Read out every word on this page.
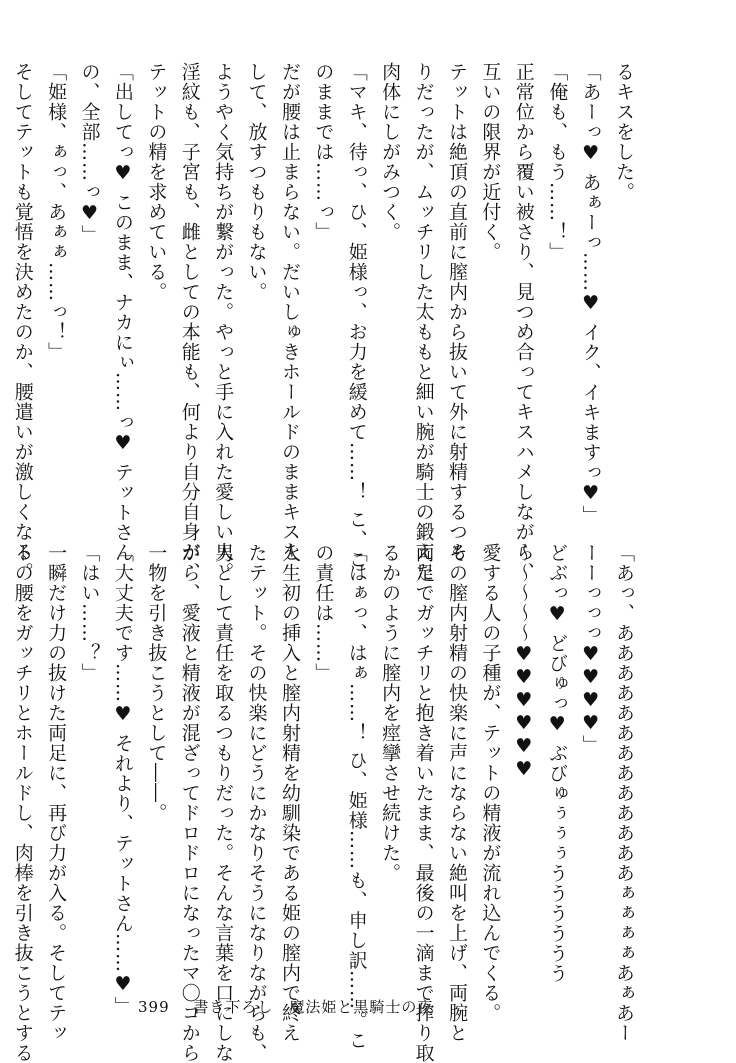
るキスをした。
「あーっ♥ あぁーっ……♥ イク、イキますっ♥」
「俺も、もう……！」
正常位から覆い被さり、見つめ合ってキスハメしながら、
互いの限界が近付く。
テットは絶頂の直前に膣内から抜いて外に射精するつも
りだったが、ムッチリした太ももと細い腕が騎士の鍛えた
肉体にしがみつく。
「マキ、待っ、ひ、姫様っ、お力を緩めて……！ こ、こ
のままでは……っ」
だが腰は止まらない。だいしゅきホールドのままキスを
して、放すつもりもない。
ようやく気持ちが繋がった。やっと手に入れた愛しい人。
淫紋も、子宮も、雌としての本能も、何より自分自身が、
テットの精を求めている。
「出してっ♥ このまま、ナカにぃ……っ♥ テットさん
の、全部……っ♥」
「姫様、ぁっ、あぁぁ……っ！」
そしてテットも覚悟を決めたのか、腰遣いが激しくなる。
「あっ、あああああああああああああぁぁぁぁあぁあー
ーーっっっ♥♥♥♥」
どぶっ♥ どびゅっ♥ ぶびゅぅぅぅうううううう
～～～～～♥♥♥♥♥♥
愛する人の子種が、テットの精液が流れ込んでくる。
その膣内射精の快楽に声にならない絶叫を上げ、両腕と
両足でガッチリと抱き着いたまま、最後の一滴まで搾り取
るかのように膣内を痙攣させ続けた。
「はぁっ、はぁ……！ ひ、姫様……も、申し訳……。こ
の責任は……」
人生初の挿入と膣内射精を幼馴染である姫の膣内で終え
たテット。その快楽にどうにかなりそうになりながらも、
男として責任を取るつもりだった。そんな言葉を口にしな
がら、愛液と精液が混ざってドロドロになったマ〇コから
一物を引き抜こうとして――。
「大丈夫です……♥ それより、テットさん……♥」
「はい……？」
一瞬だけ力の抜けた両足に、再び力が入る。そしてテッ
トの腰をガッチリとホールドし、肉棒を引き抜こうとする	399 書き下ろし　魔法姫と黒騎士の夜
